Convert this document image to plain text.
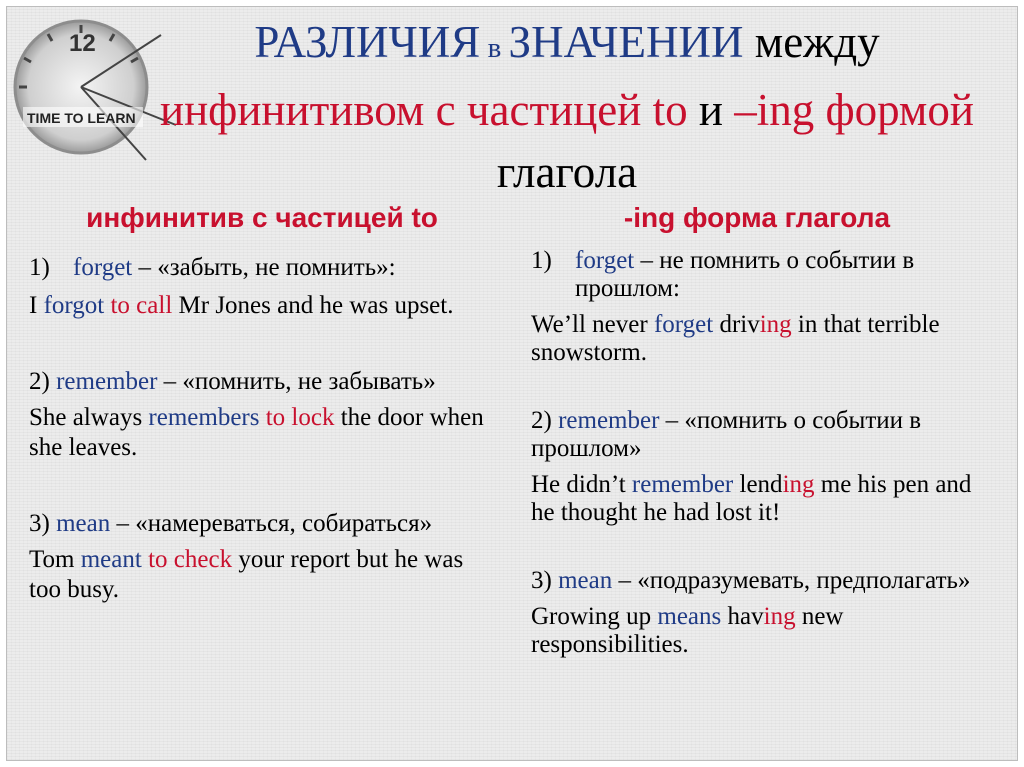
12
TIME TO LEARN
РАЗЛИЧИЯ в ЗНАЧЕНИИ между
инфинитивом с частицей to и –ing формой
глагола
инфинитив с частицей to	-ing форма глагола
1) forget – «забыть, не помнить»:

I forgot to call Mr Jones and he was upset.

2) remember – «помнить, не забывать»

She always remembers to lock the door when she leaves.

3) mean – «намереваться, собираться»

Tom meant to check your report but he was too busy.

1) forget – не помнить о событии в прошлом:

We’ll never forget driving in that terrible snowstorm.

2) remember – «помнить о событии в прошлом»

He didn’t remember lending me his pen and he thought he had lost it!

3) mean – «подразумевать, предполагать»

Growing up means having new responsibilities.
